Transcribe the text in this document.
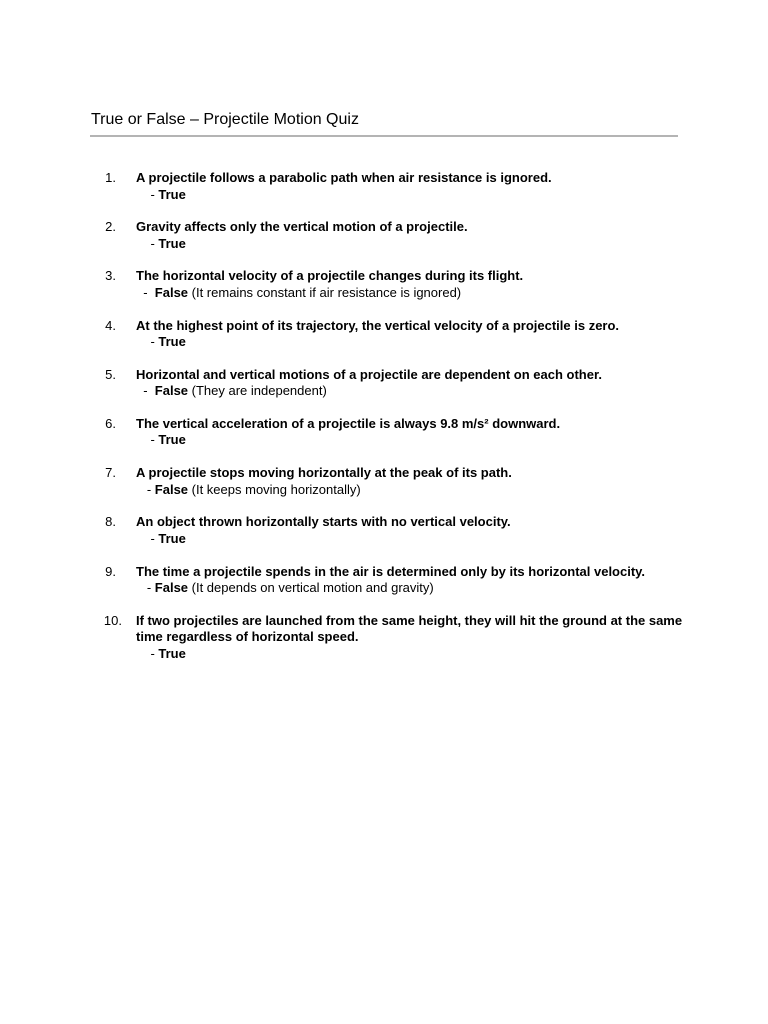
True or False – Projectile Motion Quiz
1.	A projectile follows a parabolic path when air resistance is ignored.
- True
2.	Gravity affects only the vertical motion of a projectile.
- True
3.	The horizontal velocity of a projectile changes during its flight.
-  False (It remains constant if air resistance is ignored)
4.	At the highest point of its trajectory, the vertical velocity of a projectile is zero.
- True
5.	Horizontal and vertical motions of a projectile are dependent on each other.
-  False (They are independent)
6.	The vertical acceleration of a projectile is always 9.8 m/s² downward.
- True
7.	A projectile stops moving horizontally at the peak of its path.
- False (It keeps moving horizontally)
8.	An object thrown horizontally starts with no vertical velocity.
- True
9.	The time a projectile spends in the air is determined only by its horizontal velocity.
- False (It depends on vertical motion and gravity)
10.	If two projectiles are launched from the same height, they will hit the ground at the same time regardless of horizontal speed.
- True
